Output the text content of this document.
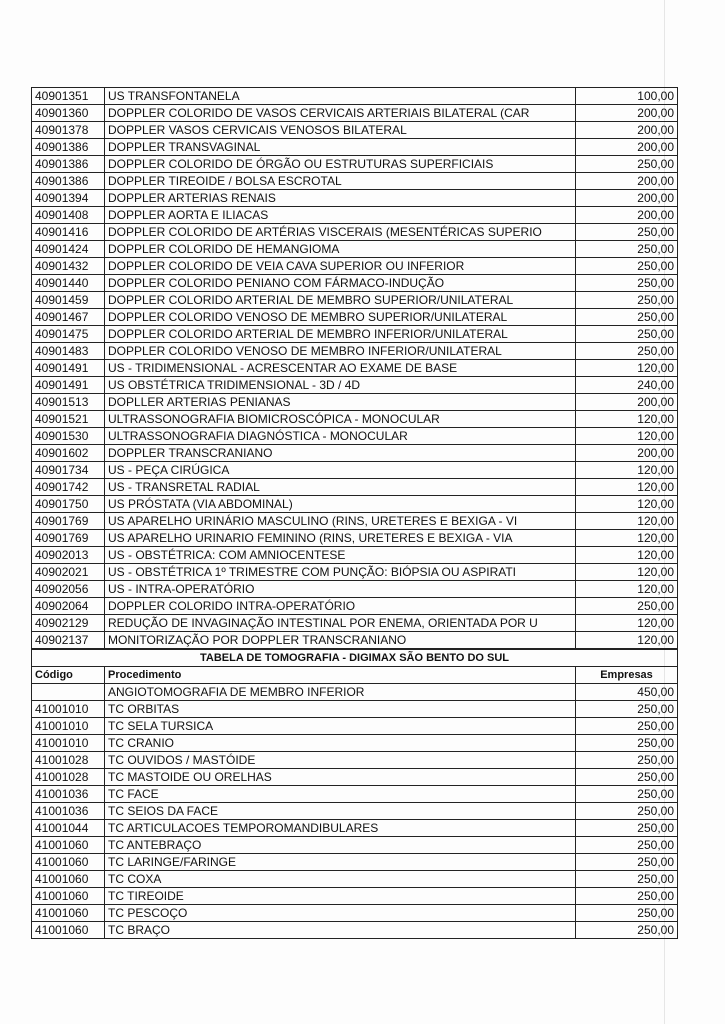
40901351	US TRANSFONTANELA	100,00
40901360	DOPPLER COLORIDO DE VASOS CERVICAIS ARTERIAIS BILATERAL (CAR	200,00
40901378	DOPPLER VASOS CERVICAIS VENOSOS BILATERAL	200,00
40901386	DOPPLER TRANSVAGINAL	200,00
40901386	DOPPLER COLORIDO DE ÓRGÃO OU ESTRUTURAS SUPERFICIAIS	250,00
40901386	DOPPLER TIREOIDE / BOLSA ESCROTAL	200,00
40901394	DOPPLER ARTERIAS RENAIS	200,00
40901408	DOPPLER AORTA E ILIACAS	200,00
40901416	DOPPLER COLORIDO DE ARTÉRIAS VISCERAIS (MESENTÉRICAS SUPERIO	250,00
40901424	DOPPLER COLORIDO DE HEMANGIOMA	250,00
40901432	DOPPLER COLORIDO DE VEIA CAVA SUPERIOR OU INFERIOR	250,00
40901440	DOPPLER COLORIDO PENIANO COM FÁRMACO-INDUÇÃO	250,00
40901459	DOPPLER COLORIDO ARTERIAL DE MEMBRO SUPERIOR/UNILATERAL	250,00
40901467	DOPPLER COLORIDO VENOSO DE MEMBRO SUPERIOR/UNILATERAL	250,00
40901475	DOPPLER COLORIDO ARTERIAL DE MEMBRO INFERIOR/UNILATERAL	250,00
40901483	DOPPLER COLORIDO VENOSO DE MEMBRO INFERIOR/UNILATERAL	250,00
40901491	US - TRIDIMENSIONAL - ACRESCENTAR AO EXAME DE BASE	120,00
40901491	US OBSTÉTRICA TRIDIMENSIONAL - 3D / 4D	240,00
40901513	DOPLLER ARTERIAS PENIANAS	200,00
40901521	ULTRASSONOGRAFIA BIOMICROSCÓPICA - MONOCULAR	120,00
40901530	ULTRASSONOGRAFIA DIAGNÓSTICA - MONOCULAR	120,00
40901602	DOPPLER TRANSCRANIANO	200,00
40901734	US - PEÇA CIRÚGICA	120,00
40901742	US - TRANSRETAL RADIAL	120,00
40901750	US PRÓSTATA (VIA ABDOMINAL)	120,00
40901769	US APARELHO URINÁRIO MASCULINO (RINS, URETERES E BEXIGA - VI	120,00
40901769	US APARELHO URINARIO FEMININO (RINS, URETERES E BEXIGA - VIA	120,00
40902013	US - OBSTÉTRICA: COM AMNIOCENTESE	120,00
40902021	US - OBSTÉTRICA 1º TRIMESTRE COM PUNÇÃO: BIÓPSIA OU ASPIRATI	120,00
40902056	US - INTRA-OPERATÓRIO	120,00
40902064	DOPPLER COLORIDO INTRA-OPERATÓRIO	250,00
40902129	REDUÇÃO DE INVAGINAÇÃO INTESTINAL POR ENEMA, ORIENTADA POR U	120,00
40902137	MONITORIZAÇÃO POR DOPPLER TRANSCRANIANO	120,00
TABELA DE TOMOGRAFIA - DIGIMAX SÃO BENTO DO SUL		
Código	Procedimento	Empresas
	ANGIOTOMOGRAFIA DE MEMBRO INFERIOR	450,00
41001010	TC ORBITAS	250,00
41001010	TC SELA TURSICA	250,00
41001010	TC CRANIO	250,00
41001028	TC OUVIDOS / MASTÓIDE	250,00
41001028	TC MASTOIDE OU ORELHAS	250,00
41001036	TC FACE	250,00
41001036	TC SEIOS DA FACE	250,00
41001044	TC ARTICULACOES TEMPOROMANDIBULARES	250,00
41001060	TC ANTEBRAÇO	250,00
41001060	TC LARINGE/FARINGE	250,00
41001060	TC COXA	250,00
41001060	TC TIREOIDE	250,00
41001060	TC PESCOÇO	250,00
41001060	TC BRAÇO	250,00
